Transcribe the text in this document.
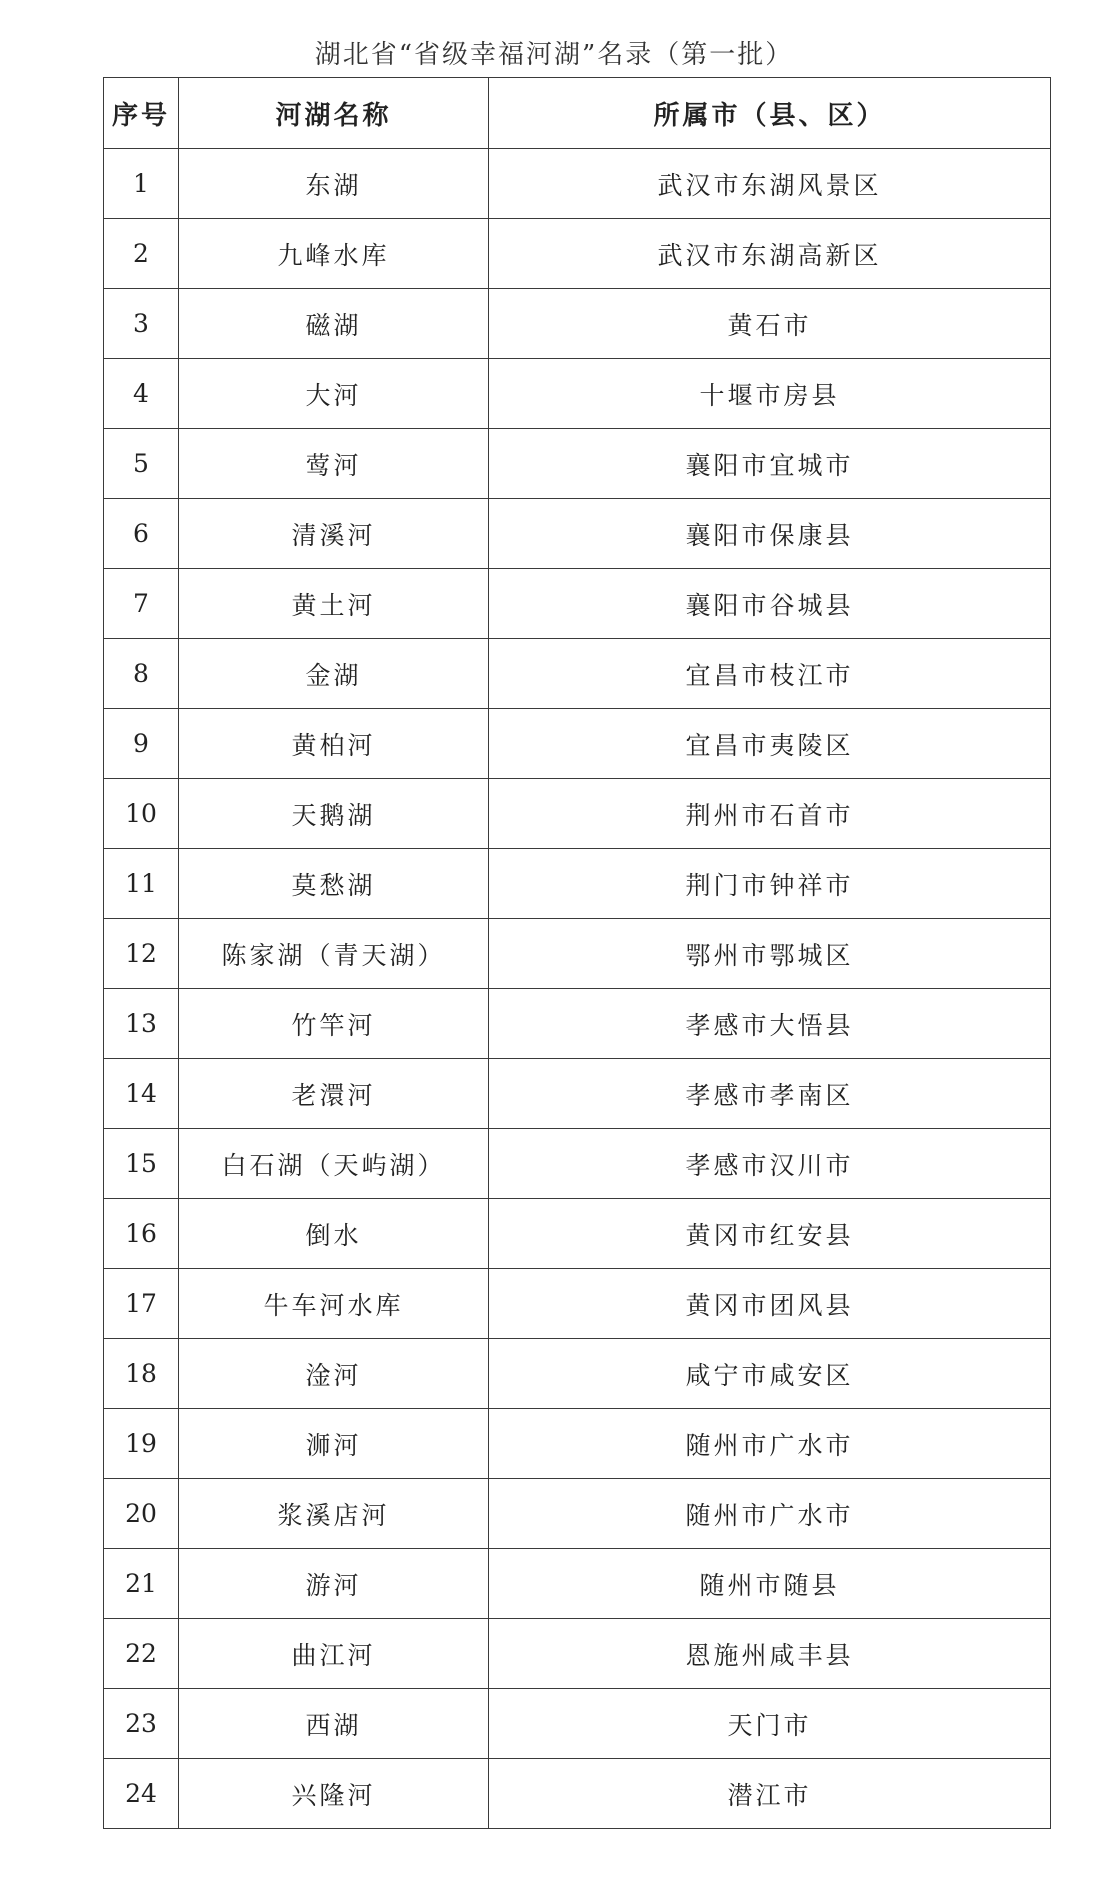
湖北省“省级幸福河湖”名录（第一批）
序号	河湖名称	所属市（县、区）
1	东湖	武汉市东湖风景区
2	九峰水库	武汉市东湖高新区
3	磁湖	黄石市
4	大河	十堰市房县
5	莺河	襄阳市宜城市
6	清溪河	襄阳市保康县
7	黄土河	襄阳市谷城县
8	金湖	宜昌市枝江市
9	黄柏河	宜昌市夷陵区
10	天鹅湖	荆州市石首市
11	莫愁湖	荆门市钟祥市
12	陈家湖（青天湖）	鄂州市鄂城区
13	竹竿河	孝感市大悟县
14	老澴河	孝感市孝南区
15	白石湖（天屿湖）	孝感市汉川市
16	倒水	黄冈市红安县
17	牛车河水库	黄冈市团风县
18	淦河	咸宁市咸安区
19	浉河	随州市广水市
20	浆溪店河	随州市广水市
21	游河	随州市随县
22	曲江河	恩施州咸丰县
23	西湖	天门市
24	兴隆河	潜江市
